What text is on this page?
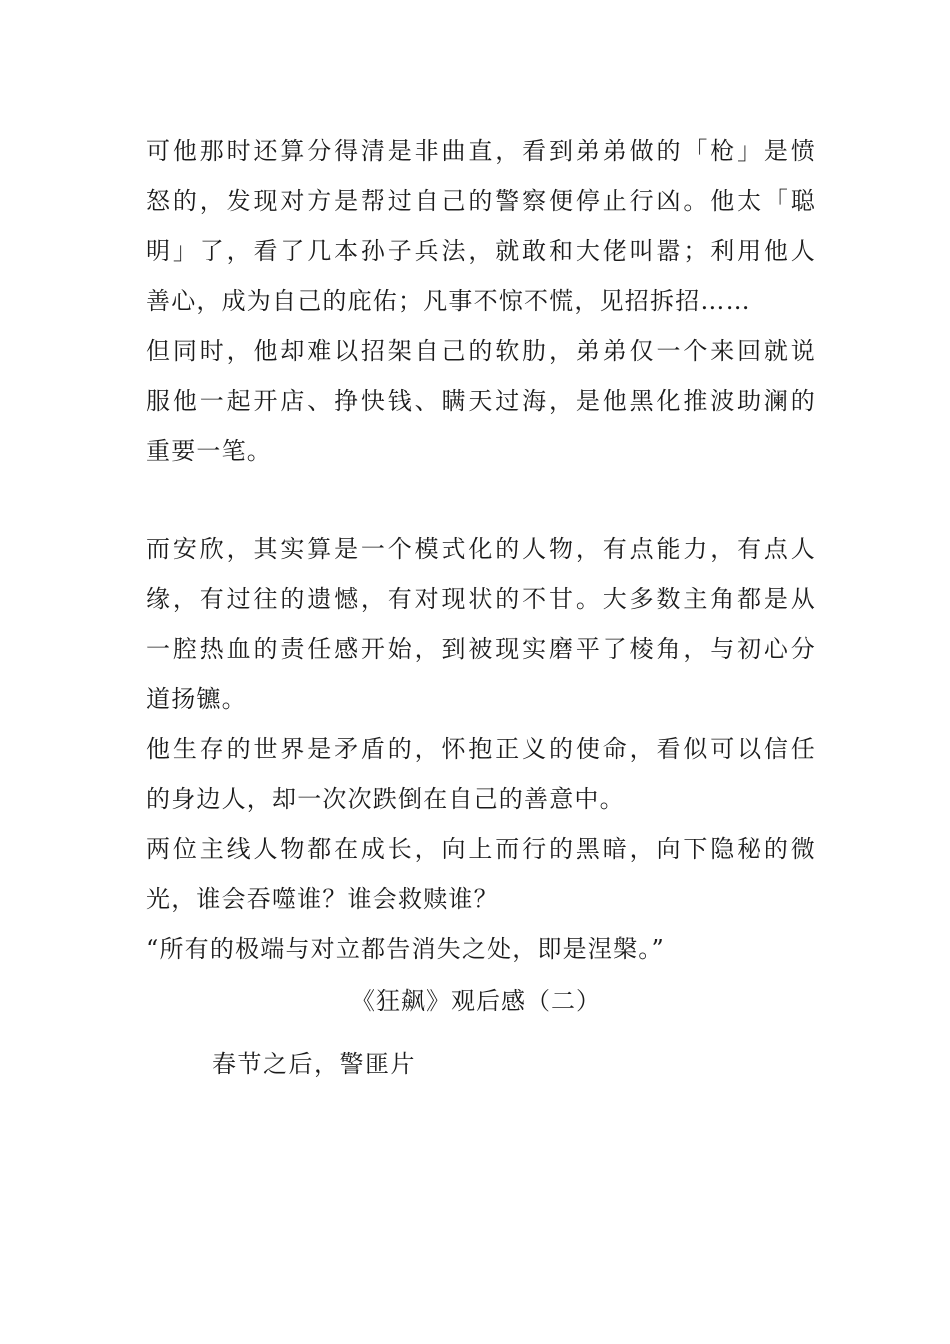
可他那时还算分得清是非曲直，看到弟弟做的「枪」是愤
怒的，发现对方是帮过自己的警察便停止行凶。他太「聪
明」了，看了几本孙子兵法，就敢和大佬叫嚣；利用他人
善心，成为自己的庇佑；凡事不惊不慌，见招拆招……
但同时，他却难以招架自己的软肋，弟弟仅一个来回就说
服他一起开店、挣快钱、瞒天过海，是他黑化推波助澜的
重要一笔。
而安欣，其实算是一个模式化的人物，有点能力，有点人
缘，有过往的遗憾，有对现状的不甘。大多数主角都是从
一腔热血的责任感开始，到被现实磨平了棱角，与初心分
道扬镳。
他生存的世界是矛盾的，怀抱正义的使命，看似可以信任
的身边人，却一次次跌倒在自己的善意中。
两位主线人物都在成长，向上而行的黑暗，向下隐秘的微
光，谁会吞噬谁？谁会救赎谁？
“所有的极端与对立都告消失之处，即是涅槃。”
《狂飙》观后感（二）
春节之后，警匪片
